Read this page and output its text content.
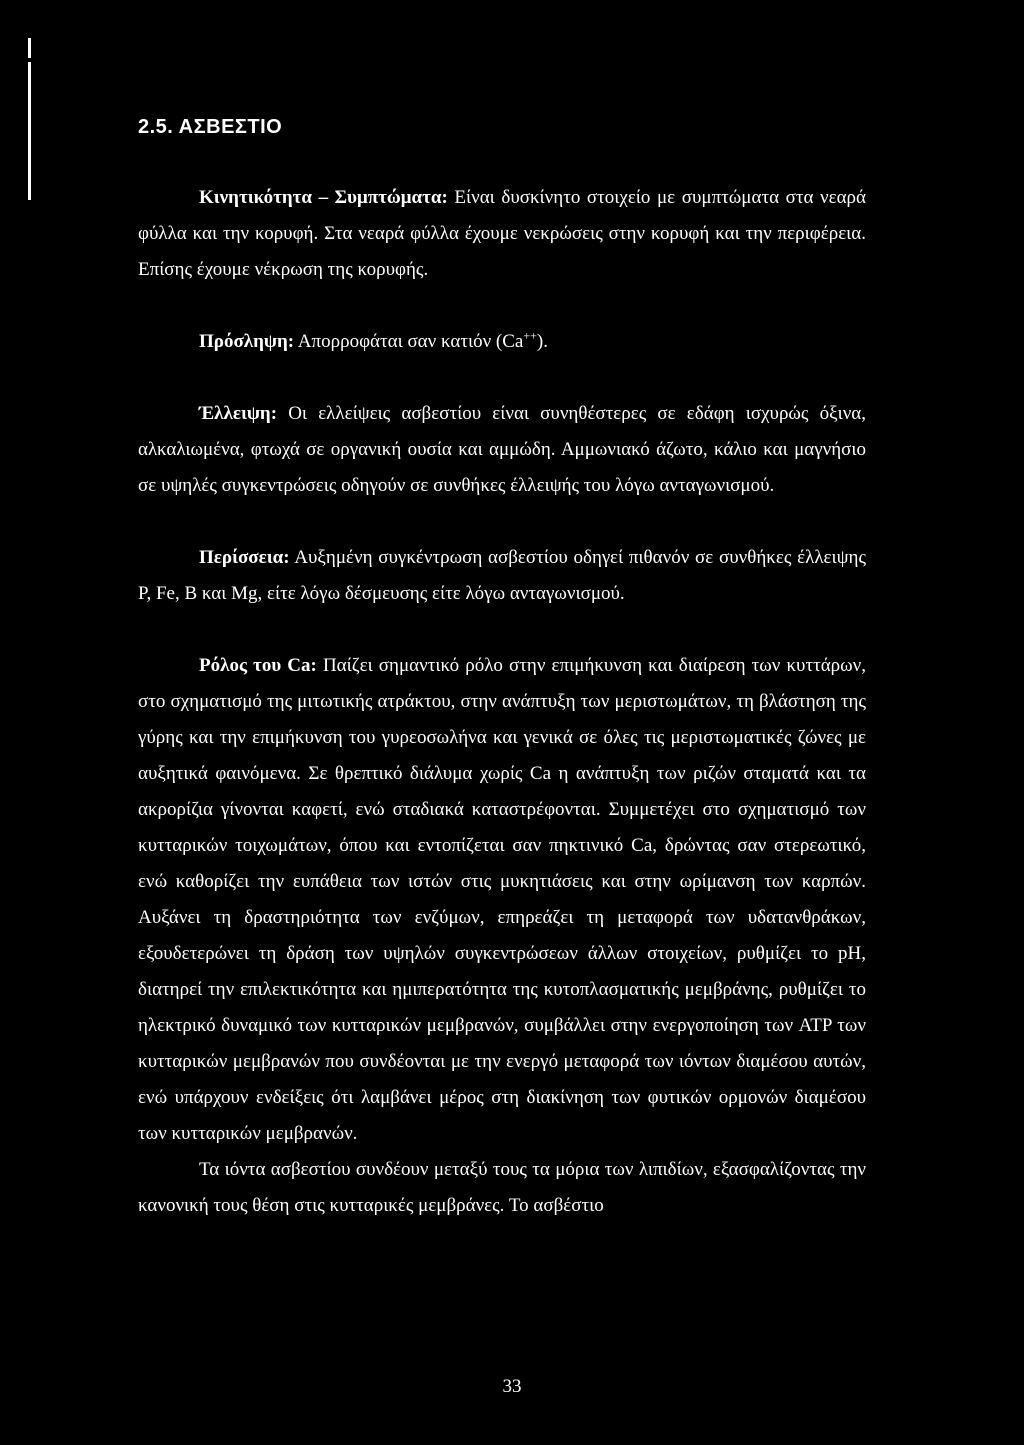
2.5. ΑΣΒΕΣΤΙΟ

Κινητικότητα – Συμπτώματα: Είναι δυσκίνητο στοιχείο με συμπτώματα στα νεαρά φύλλα και την κορυφή. Στα νεαρά φύλλα έχουμε νεκρώσεις στην κορυφή και την περιφέρεια. Επίσης έχουμε νέκρωση της κορυφής.

Πρόσληψη: Απορροφάται σαν κατιόν (Ca++).

Έλλειψη: Οι ελλείψεις ασβεστίου είναι συνηθέστερες σε εδάφη ισχυρώς όξινα, αλκαλιωμένα, φτωχά σε οργανική ουσία και αμμώδη. Αμμωνιακό άζωτο, κάλιο και μαγνήσιο σε υψηλές συγκεντρώσεις οδηγούν σε συνθήκες έλλειψής του λόγω ανταγωνισμού.

Περίσσεια: Αυξημένη συγκέντρωση ασβεστίου οδηγεί πιθανόν σε συνθήκες έλλειψης P, Fe, B και Mg, είτε λόγω δέσμευσης είτε λόγω ανταγωνισμού.

Ρόλος του Ca: Παίζει σημαντικό ρόλο στην επιμήκυνση και διαίρεση των κυττάρων, στο σχηματισμό της μιτωτικής ατράκτου, στην ανάπτυξη των μεριστωμάτων, τη βλάστηση της γύρης και την επιμήκυνση του γυρεοσωλήνα και γενικά σε όλες τις μεριστωματικές ζώνες με αυξητικά φαινόμενα. Σε θρεπτικό διάλυμα χωρίς Ca η ανάπτυξη των ριζών σταματά και τα ακρορίζια γίνονται καφετί, ενώ σταδιακά καταστρέφονται. Συμμετέχει στο σχηματισμό των κυτταρικών τοιχωμάτων, όπου και εντοπίζεται σαν πηκτινικό Ca, δρώντας σαν στερεωτικό, ενώ καθορίζει την ευπάθεια των ιστών στις μυκητιάσεις και στην ωρίμανση των καρπών. Αυξάνει τη δραστηριότητα των ενζύμων, επηρεάζει τη μεταφορά των υδατανθράκων, εξουδετερώνει τη δράση των υψηλών συγκεντρώσεων άλλων στοιχείων, ρυθμίζει το pH, διατηρεί την επιλεκτικότητα και ημιπερατότητα της κυτοπλασματικής μεμβράνης, ρυθμίζει το ηλεκτρικό δυναμικό των κυτταρικών μεμβρανών, συμβάλλει στην ενεργοποίηση των ATP των κυτταρικών μεμβρανών που συνδέονται με την ενεργό μεταφορά των ιόντων διαμέσου αυτών, ενώ υπάρχουν ενδείξεις ότι λαμβάνει μέρος στη διακίνηση των φυτικών ορμονών διαμέσου των κυτταρικών μεμβρανών.

Τα ιόντα ασβεστίου συνδέουν μεταξύ τους τα μόρια των λιπιδίων, εξασφαλίζοντας την κανονική τους θέση στις κυτταρικές μεμβράνες. Το ασβέστιο

33
